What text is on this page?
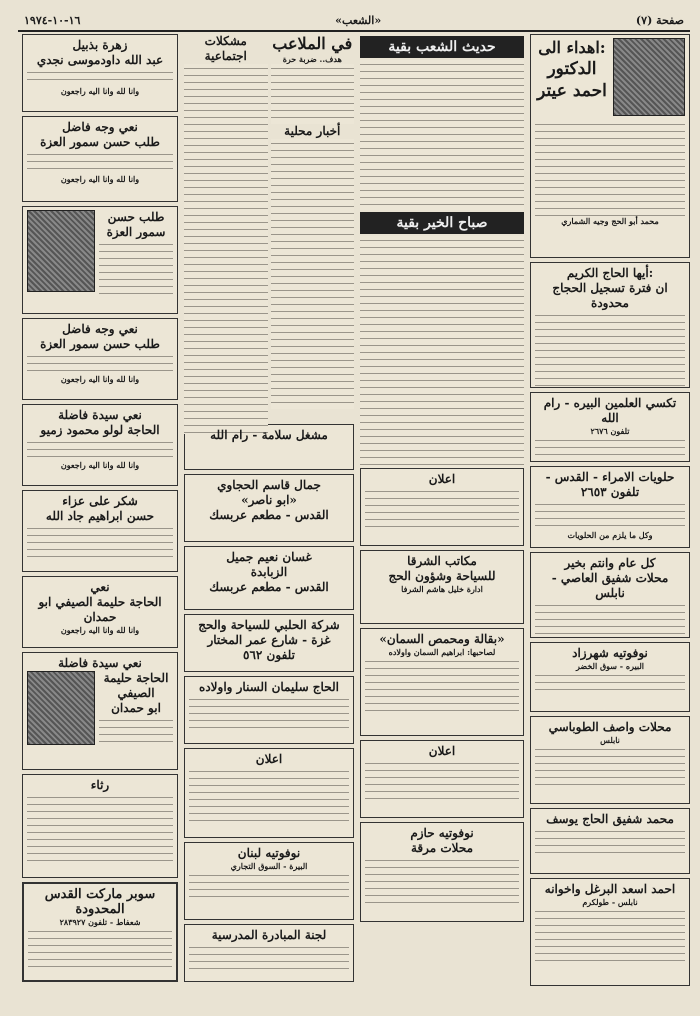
١٦-١٠-١٩٧٤	«الشعب»	صفحة (٧)
اهداء الى:
الدكتور احمد عيتر
محمد أبو الحج وجيه الشماري
أيها الحاج الكريم:
ان فترة تسجيل الحجاج محدودة
تكسي العلمين البيره - رام الله
تلفون ٢٦٧٦
حلويات الامراء - القدس - تلفون ٢٦٥٣
وكل ما يلزم من الحلويات
كل عام وانتم بخير
محلات شفيق العاصي - نابلس
نوفوتيه شهرزاد
البيره - سوق الخضر
محلات واصف الطوباسي
نابلس
محمد شفيق الحاج يوسف
احمد اسعد البرغل واخوانه
نابلس - طولكرم
حديث الشعب بقية
صباح الخير بقية
اعلان
مكاتب الشرقا
للسياحة وشؤون الحج
ادارة خليل هاشم الشرفا
«بقالة ومحمص السمان»
لصاحبها: ابراهيم السمان واولاده
اعلان
نوفوتيه حازم
محلات مرقة
مشكلات اجتماعية
في الملاعب
هدف.. ضربة حرة
أخبار محلية
مشغل سلامة - رام الله
جمال قاسم الحجاوي
«ابو ناصر»
القدس - مطعم عربسك
غسان نعيم جميل
الزبابدة
القدس - مطعم عربسك
شركة الحلبي للسياحة والحج
غزة - شارع عمر المختار
تلفون ٥٦٢
الحاج سليمان السنار واولاده
اعلان
نوفوتيه لبنان
البيرة - السوق التجاري
لجنة المبادرة المدرسية
زهرة بذبيل
عبد الله داودموسى نجدي
وانا لله وانا اليه راجعون
نعي وجه فاضل
طلب حسن سمور العزة
وانا لله وانا اليه راجعون
طلب حسن سمور العزة
نعي وجه فاضل
طلب حسن سمور العزة
وانا لله وانا اليه راجعون
نعي سيدة فاضلة
الحاجة لولو محمود زميو
وانا لله وانا اليه راجعون
شكر على عزاء
حسن ابراهيم جاد الله
نعي
الحاجة حليمة الصيفي ابو حمدان
وانا لله وانا اليه راجعون
نعي سيدة فاضلة
الحاجة حليمة الصيفي
ابو حمدان
رثاء
سوبر ماركت القدس المحدودة
شعفاط - تلفون ٢٨٣٩٢٧
